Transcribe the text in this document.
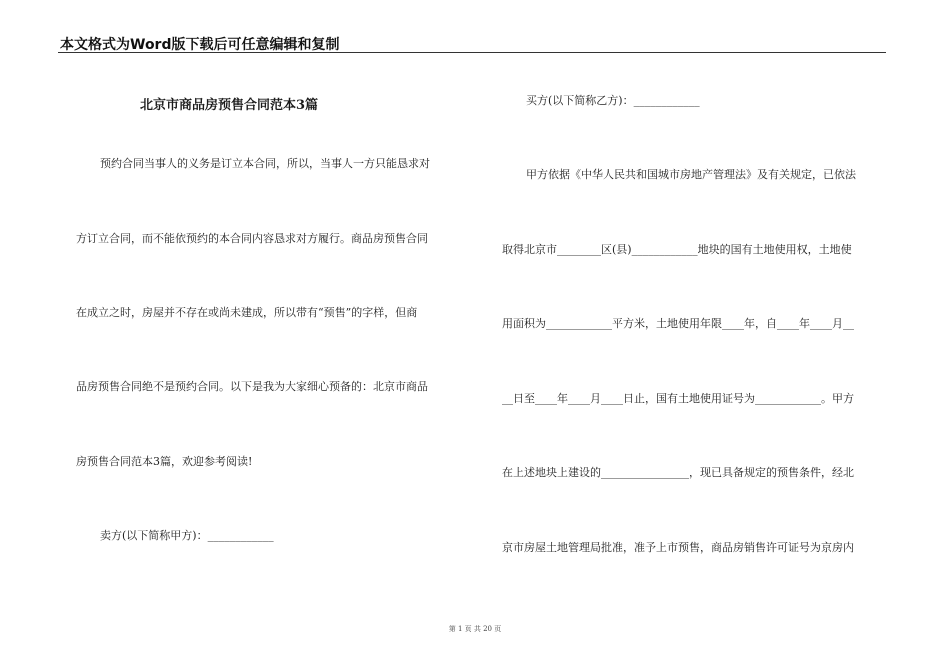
本文格式为Word版下载后可任意编辑和复制
北京市商品房预售合同范本3篇
预约合同当事人的义务是订立本合同，所以，当事人一方只能恳求对
方订立合同，而不能依预约的本合同内容恳求对方履行。商品房预售合同
在成立之时，房屋并不存在或尚未建成，所以带有“预售”的字样，但商
品房预售合同绝不是预约合同。以下是我为大家细心预备的：北京市商品
房预售合同范本3篇，欢迎参考阅读!
卖方(以下简称甲方)：____________
买方(以下简称乙方)：____________
甲方依据《中华人民共和国城市房地产管理法》及有关规定，已依法
取得北京市________区(县)____________地块的国有土地使用权，土地使
用面积为____________平方米，土地使用年限____年，自____年____月__
__日至____年____月____日止，国有土地使用证号为____________。甲方
在上述地块上建设的________________，现已具备规定的预售条件，经北
京市房屋土地管理局批准，准予上市预售，商品房销售许可证号为京房内
第 1 页 共 20 页
